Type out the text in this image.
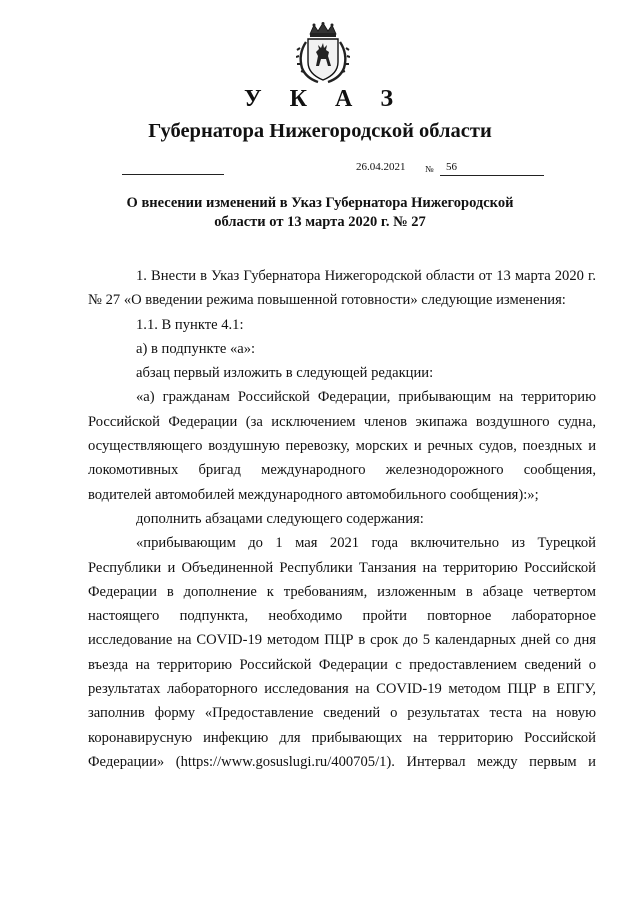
У К А З
Губернатора Нижегородской области
26.04.2021 № 56
О внесении изменений в Указ Губернатора Нижегородской
области от 13 марта 2020 г. № 27

1. Внести в Указ Губернатора Нижегородской области от 13 марта 2020 г. № 27 «О введении режима повышенной готовности» следующие изменения:

1.1. В пункте 4.1:

а) в подпункте «а»:

абзац первый изложить в следующей редакции:

«а) гражданам Российской Федерации, прибывающим на территорию Российской Федерации (за исключением членов экипажа воздушного судна, осуществляющего воздушную перевозку, морских и речных судов, поездных и локомотивных бригад международного железнодорожного сообщения, водителей автомобилей международного автомобильного сообщения):»;

дополнить абзацами следующего содержания:

«прибывающим до 1 мая 2021 года включительно из Турецкой Республики и Объединенной Республики Танзания на территорию Российской Федерации в дополнение к требованиям, изложенным в абзаце четвертом настоящего подпункта, необходимо пройти повторное лабораторное исследование на COVID-19 методом ПЦР в срок до 5 календарных дней со дня въезда на территорию Российской Федерации с предоставлением сведений о результатах лабораторного исследования на COVID-19 методом ПЦР в ЕПГУ, заполнив форму «Предоставление сведений о результатах теста на новую коронавирусную инфекцию для прибывающих на территорию Российской Федерации» (https://www.gosuslugi.ru/400705/1). Интервал между первым и
